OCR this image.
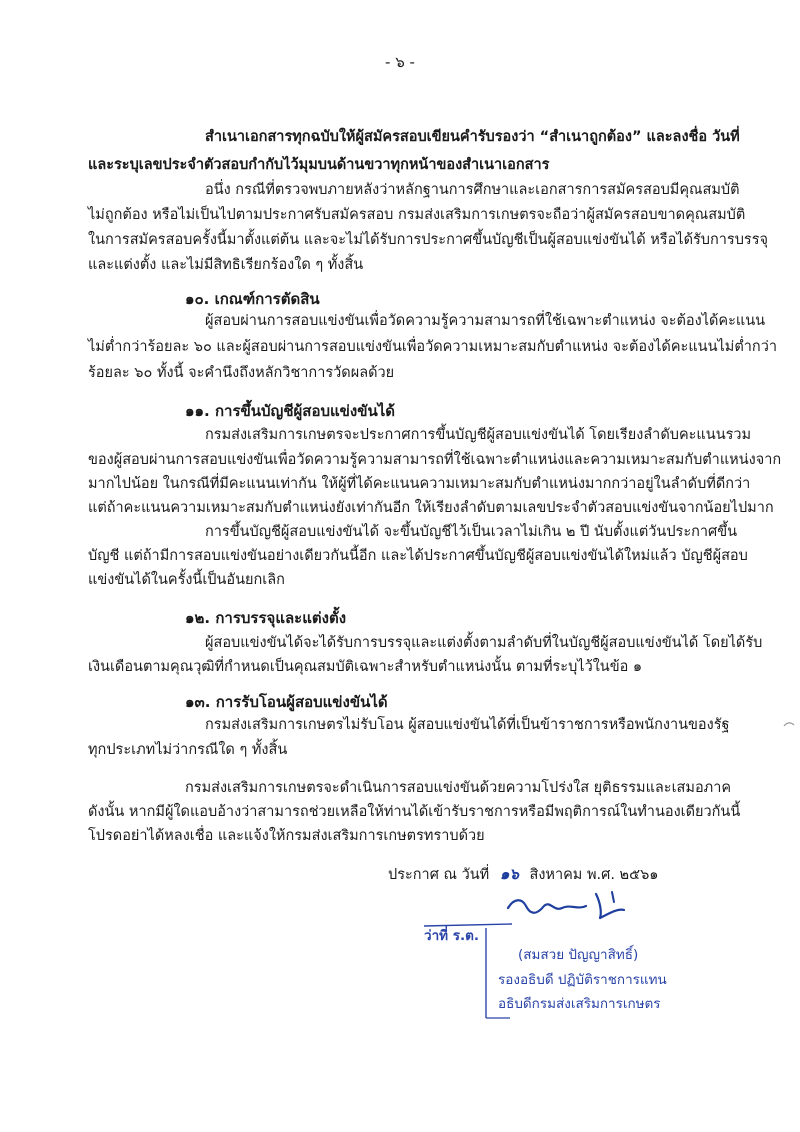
- ๖ -
สำเนาเอกสารทุกฉบับให้ผู้สมัครสอบเขียนคำรับรองว่า “สำเนาถูกต้อง” และลงชื่อ วันที่
และระบุเลขประจำตัวสอบกำกับไว้มุมบนด้านขวาทุกหน้าของสำเนาเอกสาร
อนึ่ง กรณีที่ตรวจพบภายหลังว่าหลักฐานการศึกษาและเอกสารการสมัครสอบมีคุณสมบัติ
ไม่ถูกต้อง หรือไม่เป็นไปตามประกาศรับสมัครสอบ กรมส่งเสริมการเกษตรจะถือว่าผู้สมัครสอบขาดคุณสมบัติ
ในการสมัครสอบครั้งนี้มาตั้งแต่ต้น และจะไม่ได้รับการประกาศขึ้นบัญชีเป็นผู้สอบแข่งขันได้ หรือได้รับการบรรจุ
และแต่งตั้ง และไม่มีสิทธิเรียกร้องใด ๆ ทั้งสิ้น
๑๐. เกณฑ์การตัดสิน
ผู้สอบผ่านการสอบแข่งขันเพื่อวัดความรู้ความสามารถที่ใช้เฉพาะตำแหน่ง จะต้องได้คะแนน
ไม่ต่ำกว่าร้อยละ ๖๐ และผู้สอบผ่านการสอบแข่งขันเพื่อวัดความเหมาะสมกับตำแหน่ง จะต้องได้คะแนนไม่ต่ำกว่า
ร้อยละ ๖๐ ทั้งนี้ จะคำนึงถึงหลักวิชาการวัดผลด้วย
๑๑. การขึ้นบัญชีผู้สอบแข่งขันได้
กรมส่งเสริมการเกษตรจะประกาศการขึ้นบัญชีผู้สอบแข่งขันได้ โดยเรียงลำดับคะแนนรวม
ของผู้สอบผ่านการสอบแข่งขันเพื่อวัดความรู้ความสามารถที่ใช้เฉพาะตำแหน่งและความเหมาะสมกับตำแหน่งจาก
มากไปน้อย ในกรณีที่มีคะแนนเท่ากัน ให้ผู้ที่ได้คะแนนความเหมาะสมกับตำแหน่งมากกว่าอยู่ในลำดับที่ดีกว่า
แต่ถ้าคะแนนความเหมาะสมกับตำแหน่งยังเท่ากันอีก ให้เรียงลำดับตามเลขประจำตัวสอบแข่งขันจากน้อยไปมาก
การขึ้นบัญชีผู้สอบแข่งขันได้ จะขึ้นบัญชีไว้เป็นเวลาไม่เกิน ๒ ปี นับตั้งแต่วันประกาศขึ้น
บัญชี แต่ถ้ามีการสอบแข่งขันอย่างเดียวกันนี้อีก และได้ประกาศขึ้นบัญชีผู้สอบแข่งขันได้ใหม่แล้ว บัญชีผู้สอบ
แข่งขันได้ในครั้งนี้เป็นอันยกเลิก
๑๒. การบรรจุและแต่งตั้ง
ผู้สอบแข่งขันได้จะได้รับการบรรจุและแต่งตั้งตามลำดับที่ในบัญชีผู้สอบแข่งขันได้ โดยได้รับ
เงินเดือนตามคุณวุฒิที่กำหนดเป็นคุณสมบัติเฉพาะสำหรับตำแหน่งนั้น ตามที่ระบุไว้ในข้อ ๑
๑๓. การรับโอนผู้สอบแข่งขันได้
กรมส่งเสริมการเกษตรไม่รับโอน ผู้สอบแข่งขันได้ที่เป็นข้าราชการหรือพนักงานของรัฐ
ทุกประเภทไม่ว่ากรณีใด ๆ ทั้งสิ้น
กรมส่งเสริมการเกษตรจะดำเนินการสอบแข่งขันด้วยความโปร่งใส ยุติธรรมและเสมอภาค
ดังนั้น หากมีผู้ใดแอบอ้างว่าสามารถช่วยเหลือให้ท่านได้เข้ารับราชการหรือมีพฤติการณ์ในทำนองเดียวกันนี้
โปรดอย่าได้หลงเชื่อ และแจ้งให้กรมส่งเสริมการเกษตรทราบด้วย
ประกาศ ณ วันที่ ๑๖ สิงหาคม พ.ศ. ๒๕๖๑
ว่าที่ ร.ต.
(สมสวย ปัญญาสิทธิ์)
รองอธิบดี ปฏิบัติราชการแทน
อธิบดีกรมส่งเสริมการเกษตร
